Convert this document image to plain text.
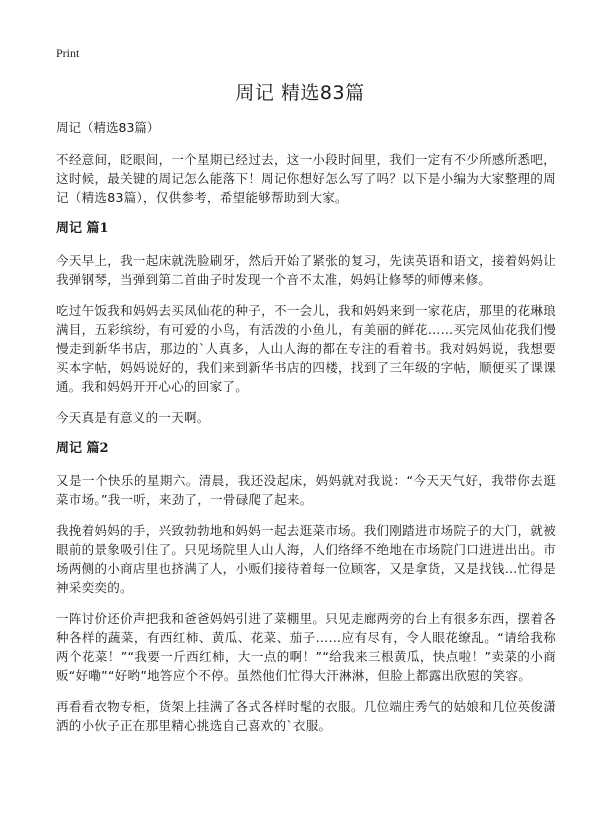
Print
周记 精选83篇

周记（精选83篇）

不经意间，眨眼间，一个星期已经过去，这一小段时间里，我们一定有不少所感所悉吧，这时候，最关键的周记怎么能落下！周记你想好怎么写了吗？以下是小编为大家整理的周记（精选83篇），仅供参考，希望能够帮助到大家。

周记 篇1

今天早上，我一起床就洗脸刷牙，然后开始了紧张的复习，先读英语和语文，接着妈妈让我弹钢琴，当弹到第二首曲子时发现一个音不太准，妈妈让修琴的师傅来修。

吃过午饭我和妈妈去买凤仙花的种子，不一会儿，我和妈妈来到一家花店，那里的花琳琅满目，五彩缤纷，有可爱的小鸟，有活泼的小鱼儿，有美丽的鲜花……买完凤仙花我们慢慢走到新华书店，那边的`人真多，人山人海的都在专注的看着书。我对妈妈说，我想要买本字帖，妈妈说好的，我们来到新华书店的四楼，找到了三年级的字帖，顺便买了课课通。我和妈妈开开心心的回家了。

今天真是有意义的一天啊。

周记 篇2

又是一个快乐的星期六。清晨，我还没起床，妈妈就对我说：“今天天气好，我带你去逛菜市场。”我一听，来劲了，一骨碌爬了起来。

我挽着妈妈的手，兴致勃勃地和妈妈一起去逛菜市场。我们刚踏进市场院子的大门，就被眼前的景象吸引住了。只见场院里人山人海，人们络绎不绝地在市场院门口进进出出。市场两侧的小商店里也挤满了人，小贩们接待着每一位顾客，又是拿货，又是找钱…忙得是神采奕奕的。

一阵讨价还价声把我和爸爸妈妈引进了菜棚里。只见走廊两旁的台上有很多东西，摆着各种各样的蔬菜，有西红柿、黄瓜、花菜、茄子……应有尽有，令人眼花缭乱。“请给我称两个花菜！”“我要一斤西红柿，大一点的啊！”“给我来三根黄瓜，快点啦！”卖菜的小商贩“好嘞”“好哟”地答应个不停。虽然他们忙得大汗淋淋，但脸上都露出欣慰的笑容。

再看看衣物专柜，货架上挂满了各式各样时髦的衣服。几位端庄秀气的姑娘和几位英俊潇洒的小伙子正在那里精心挑选自己喜欢的`衣服。
